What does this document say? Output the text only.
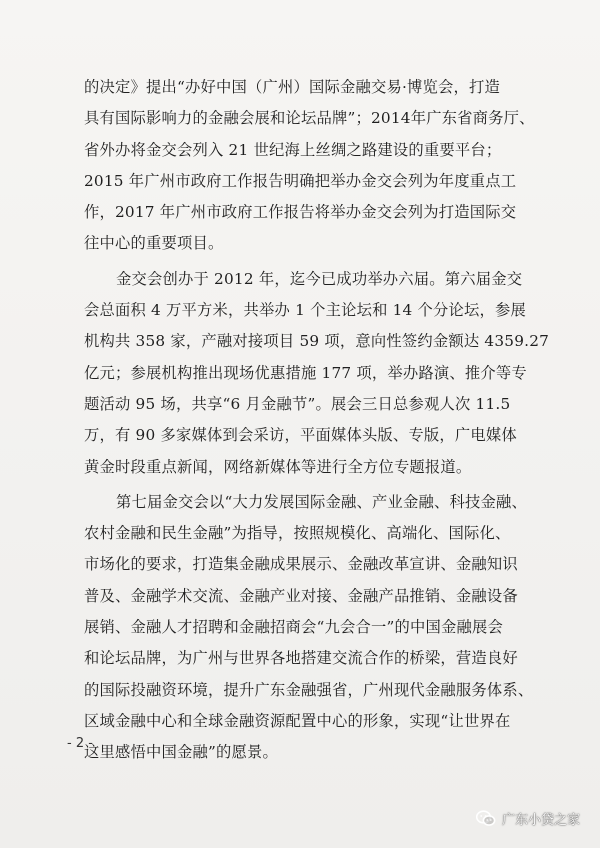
的决定》提出“办好中国（广州）国际金融交易·博览会，打造
具有国际影响力的金融会展和论坛品牌”；2014年广东省商务厅、
省外办将金交会列入 21 世纪海上丝绸之路建设的重要平台；
2015 年广州市政府工作报告明确把举办金交会列为年度重点工
作，2017 年广州市政府工作报告将举办金交会列为打造国际交
往中心的重要项目。

金交会创办于 2012 年，迄今已成功举办六届。第六届金交
会总面积 4 万平方米，共举办 1 个主论坛和 14 个分论坛，参展
机构共 358 家，产融对接项目 59 项，意向性签约金额达 4359.27
亿元；参展机构推出现场优惠措施 177 项，举办路演、推介等专
题活动 95 场，共享“6 月金融节”。展会三日总参观人次 11.5
万，有 90 多家媒体到会采访，平面媒体头版、专版，广电媒体
黄金时段重点新闻，网络新媒体等进行全方位专题报道。

第七届金交会以“大力发展国际金融、产业金融、科技金融、
农村金融和民生金融”为指导，按照规模化、高端化、国际化、
市场化的要求，打造集金融成果展示、金融改革宣讲、金融知识
普及、金融学术交流、金融产业对接、金融产品推销、金融设备
展销、金融人才招聘和金融招商会“九会合一”的中国金融展会
和论坛品牌，为广州与世界各地搭建交流合作的桥梁，营造良好
的国际投融资环境，提升广东金融强省，广州现代金融服务体系、
区域金融中心和全球金融资源配置中心的形象，实现“让世界在
这里感悟中国金融”的愿景。

- 2 -
广东小贷之家
